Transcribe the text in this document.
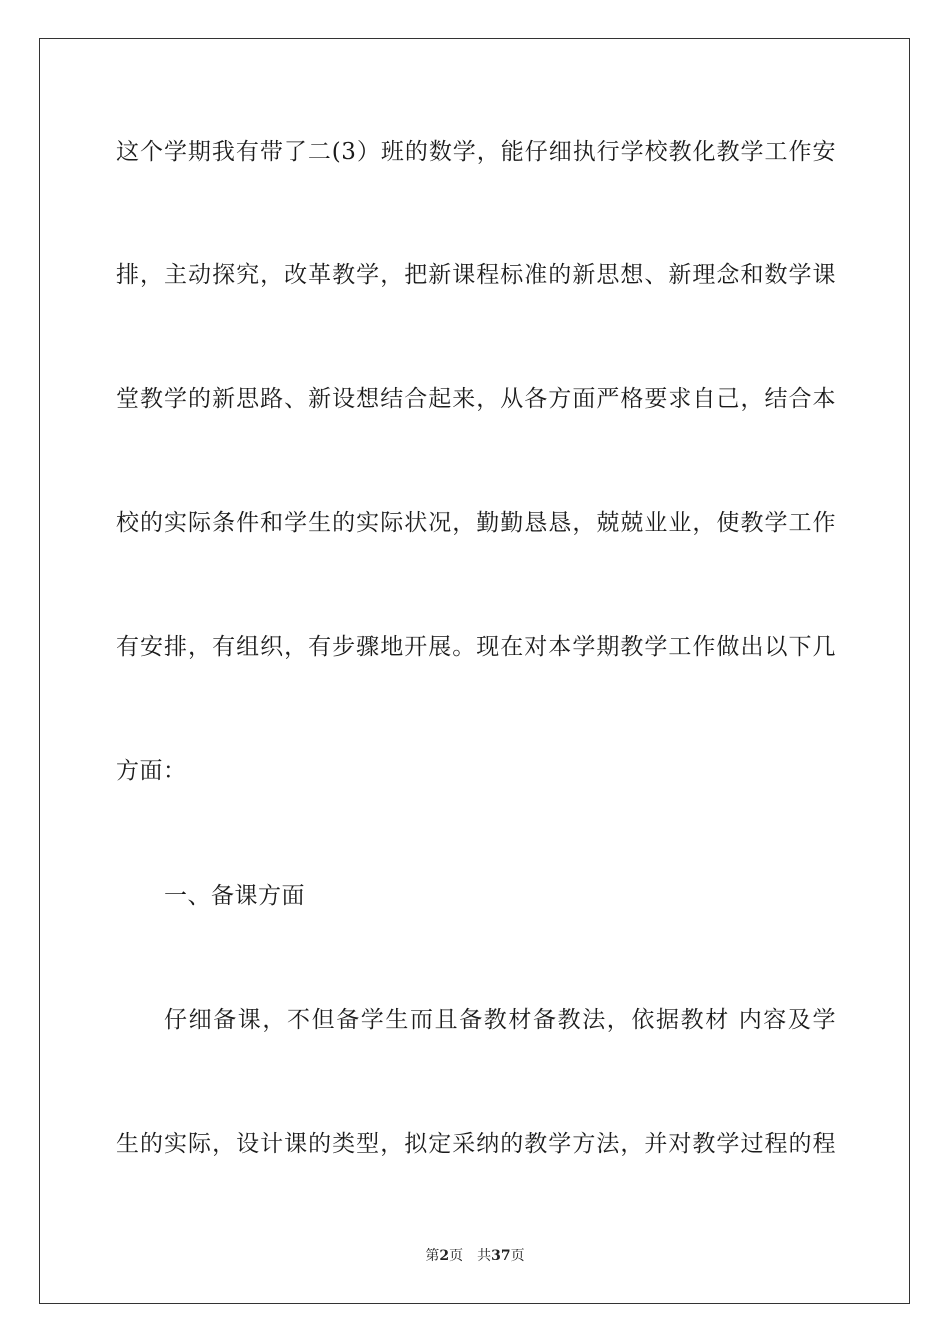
这个学期我有带了二(3）班的数学，能仔细执行学校教化教学工作安
排，主动探究，改革教学，把新课程标准的新思想、新理念和数学课
堂教学的新思路、新设想结合起来，从各方面严格要求自己，结合本
校的实际条件和学生的实际状况，勤勤恳恳，兢兢业业，使教学工作
有安排，有组织，有步骤地开展。现在对本学期教学工作做出以下几
方面：
一、备课方面
仔细备课，不但备学生而且备教材备教法，依据教材 内容及学
生的实际，设计课的类型，拟定采纳的教学方法，并对教学过程的程
第2页 共37页
